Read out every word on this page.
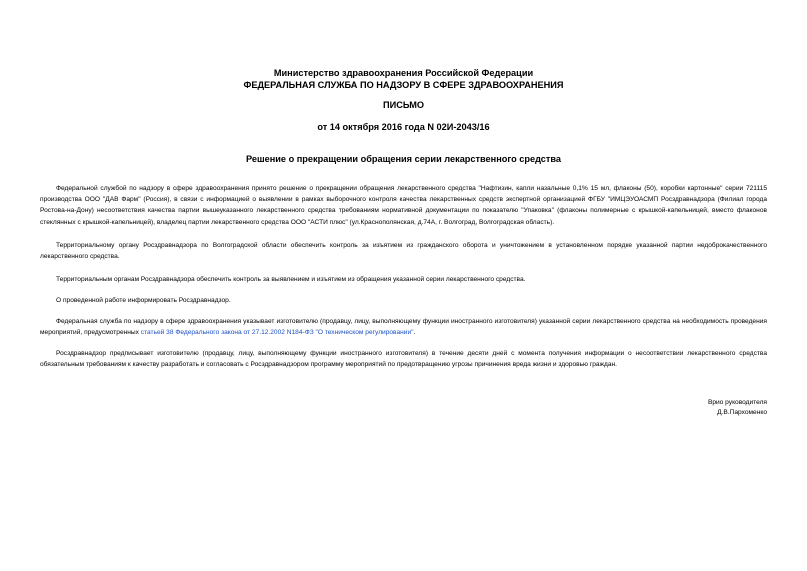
Министерство здравоохранения Российской Федерации
ФЕДЕРАЛЬНАЯ СЛУЖБА ПО НАДЗОРУ В СФЕРЕ ЗДРАВООХРАНЕНИЯ
ПИСЬМО
от 14 октября 2016 года N 02И-2043/16
Решение о прекращении обращения серии лекарственного средства

Федеральной службой по надзору в сфере здравоохранения принято решение о прекращении обращения лекарственного средства "Нафтизин, капли назальные 0,1% 15 мл, флаконы (50), коробки картонные" серии 721115 производства ООО "ДАВ Фарм" (Россия), в связи с информацией о выявлении в рамках выборочного контроля качества лекарственных средств экспертной организацией ФГБУ "ИМЦЭУОАСМП Росздравнадзора (Филиал города Ростова-на-Дону) несоответствия качества партии вышеуказанного лекарственного средства требованиям нормативной документации по показателю "Упаковка" (флаконы полимерные с крышкой-капельницей, вместо флаконов стеклянных с крышкой-капельницей), владелец партии лекарственного средства ООО "АСТИ плюс" (ул.Краснополянская, д.74А, г. Волгоград, Волгоградская область).

Территориальному органу Росздравнадзора по Волгоградской области обеспечить контроль за изъятием из гражданского оборота и уничтожением в установленном порядке указанной партии недоброкачественного лекарственного средства.

Территориальным органам Росздравнадзора обеспечить контроль за выявлением и изъятием из обращения указанной серии лекарственного средства.

О проведенной работе информировать Росздравнадзор.

Федеральная служба по надзору в сфере здравоохранения указывает изготовителю (продавцу, лицу, выполняющему функции иностранного изготовителя) указанной серии лекарственного средства на необходимость проведения мероприятий, предусмотренных статьей 38 Федерального закона от 27.12.2002 N184-ФЗ "О техническом регулировании".

Росздравнадзор предписывает изготовителю (продавцу, лицу, выполняющему функции иностранного изготовителя) в течение десяти дней с момента получения информации о несоответствии лекарственного средства обязательным требованиям к качеству разработать и согласовать с Росздравнадзором программу мероприятий по предотвращению угрозы причинения вреда жизни и здоровью граждан.

Врио руководителя
Д.В.Пархоменко
